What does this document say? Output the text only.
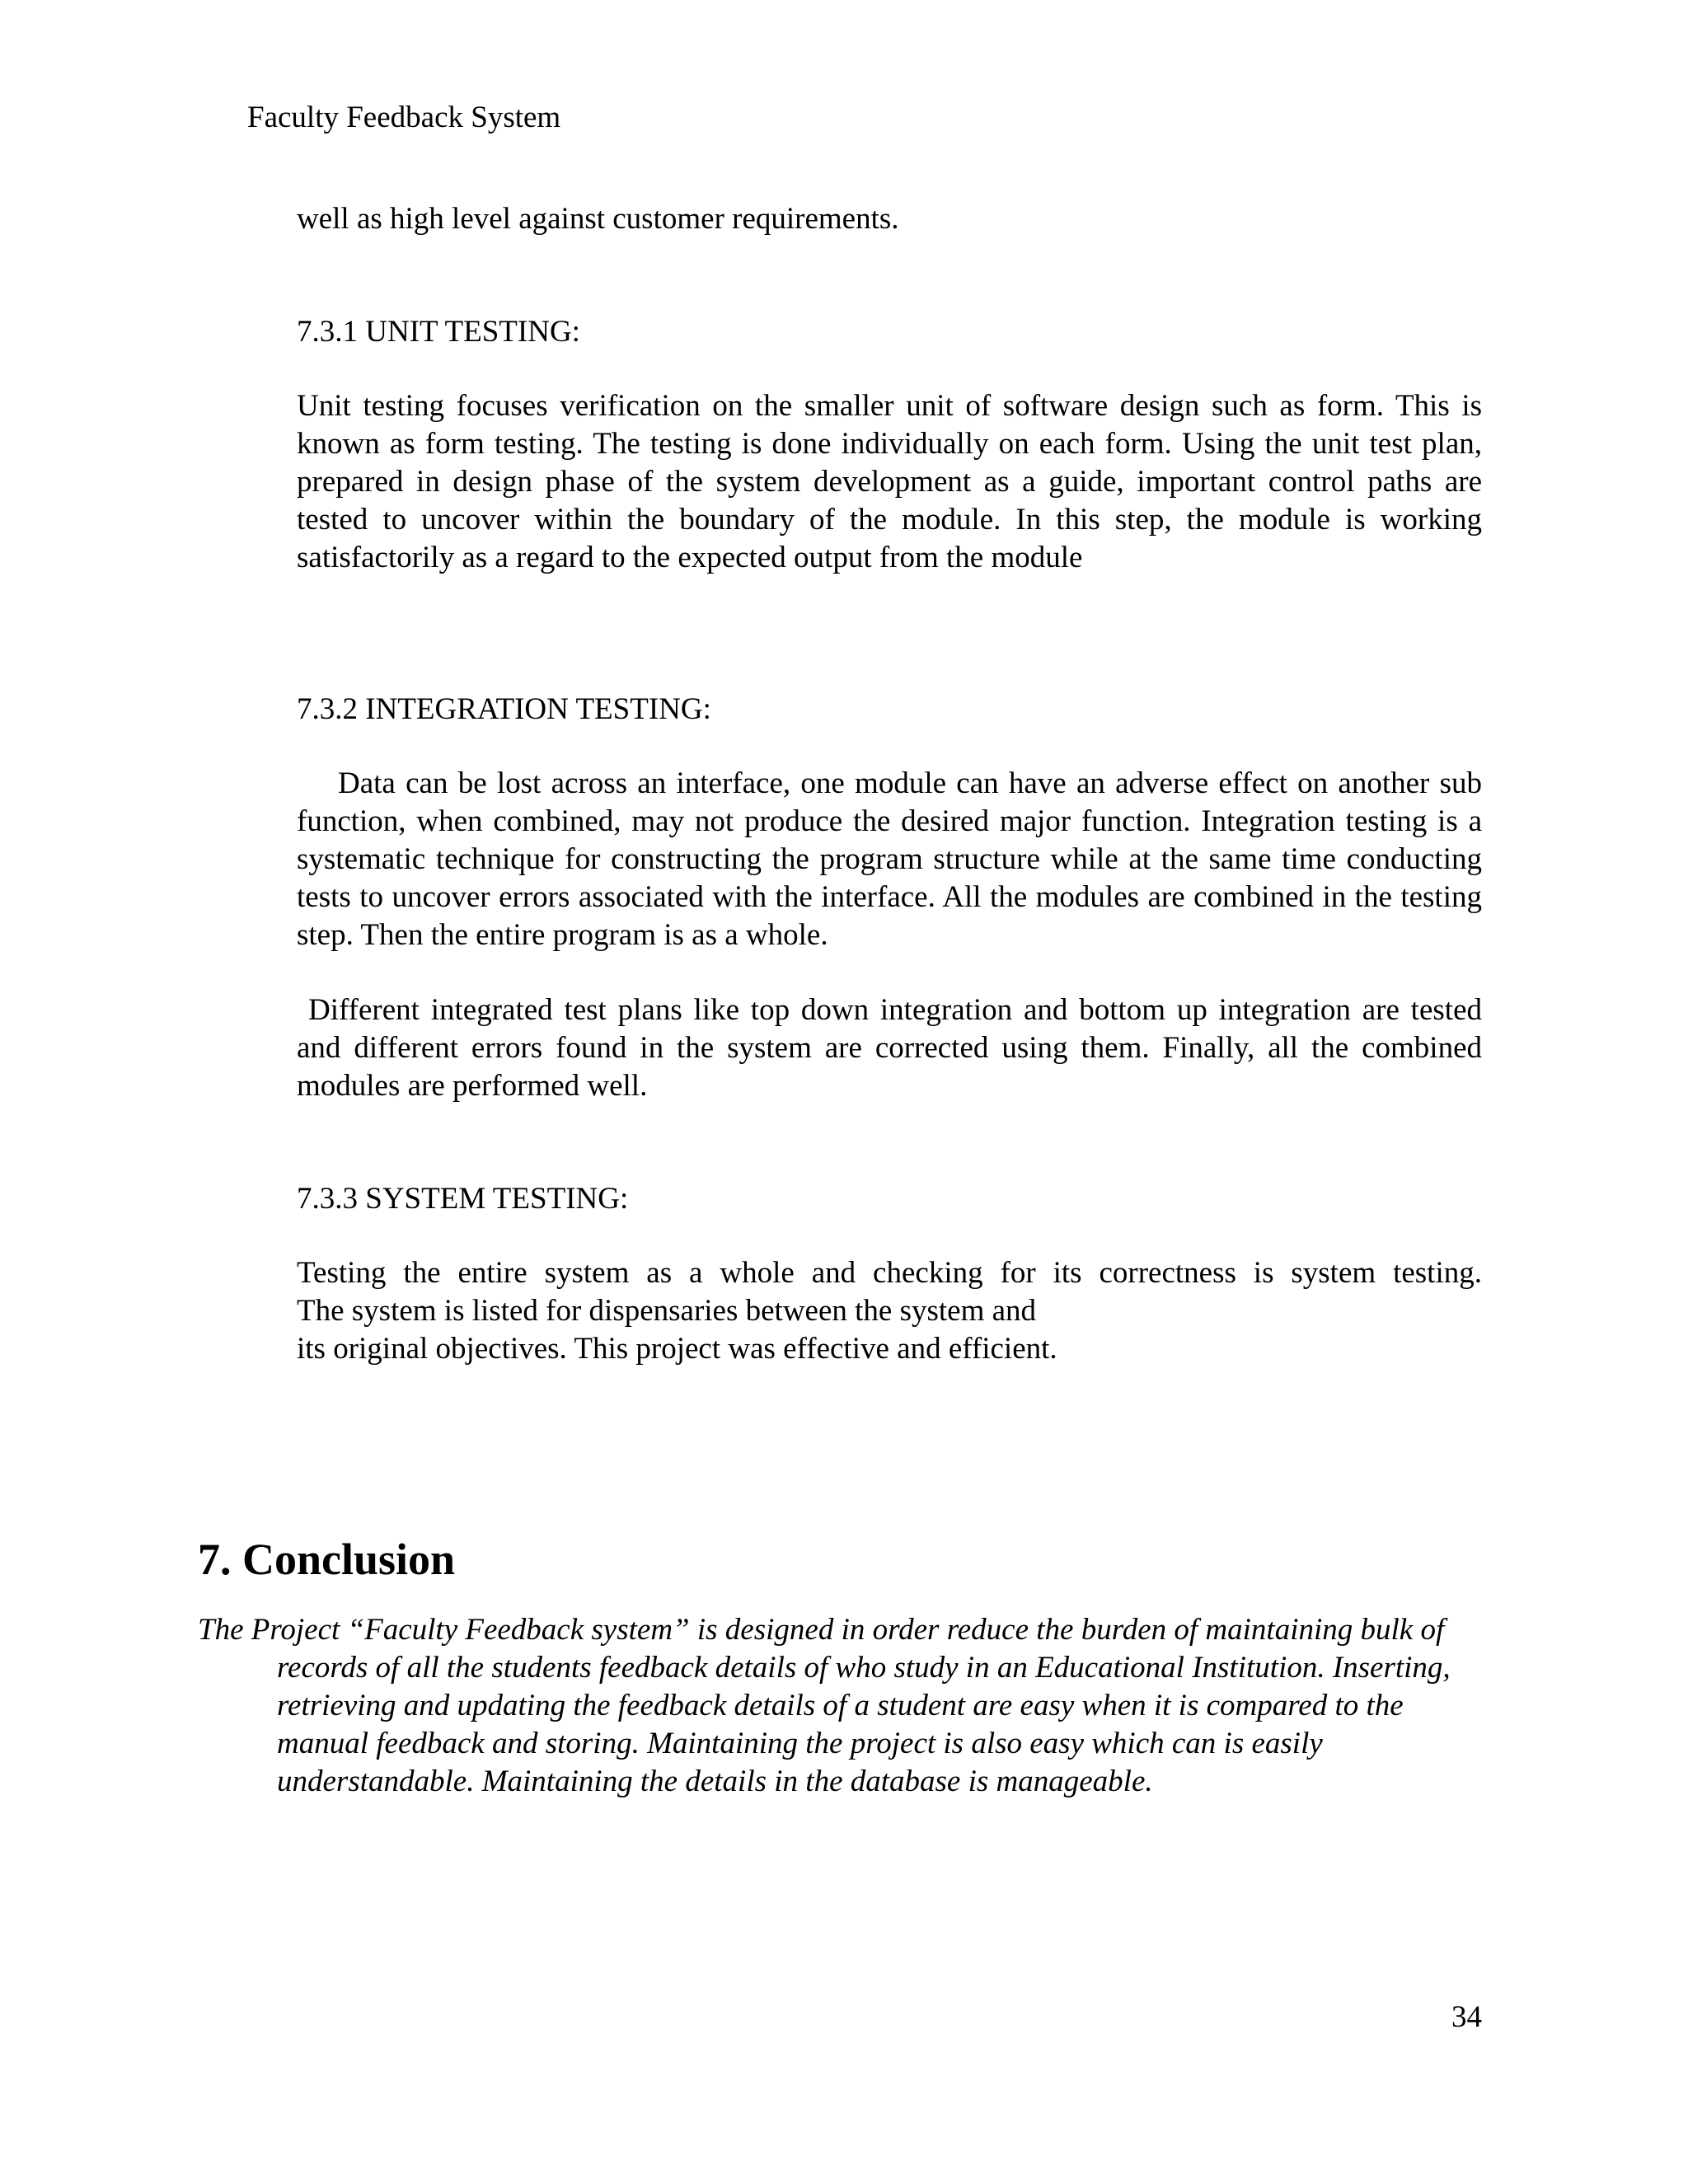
Faculty Feedback System
well as high level against customer requirements.
7.3.1 UNIT TESTING:

Unit testing focuses verification on the smaller unit of software design such as form. This is known as form testing. The testing is done individually on each form. Using the unit test plan, prepared in design phase of the system development as a guide, important control paths are tested to uncover within the boundary of the module. In this step, the module is working satisfactorily as a regard to the expected output from the module

7.3.2 INTEGRATION TESTING:

Data can be lost across an interface, one module can have an adverse effect on another sub function, when combined, may not produce the desired major function. Integration testing is a systematic technique for constructing the program structure while at the same time conducting tests to uncover errors associated with the interface. All the modules are combined in the testing step. Then the entire program is as a whole.

Different integrated test plans like top down integration and bottom up integration are tested and different errors found in the system are corrected using them. Finally, all the combined modules are performed well.

7.3.3 SYSTEM TESTING:
Testing the entire system as a whole and checking for its correctness is system testing.
The system is listed for dispensaries between the system and
its original objectives. This project was effective and efficient.
7. Conclusion
The Project “Faculty Feedback system” is designed in order reduce the burden of maintaining bulk of records of all the students feedback details of who study in an Educational Institution. Inserting, retrieving and updating the feedback details of a student are easy when it is compared to the manual feedback and storing. Maintaining the project is also easy which can is easily understandable. Maintaining the details in the database is manageable.
34
